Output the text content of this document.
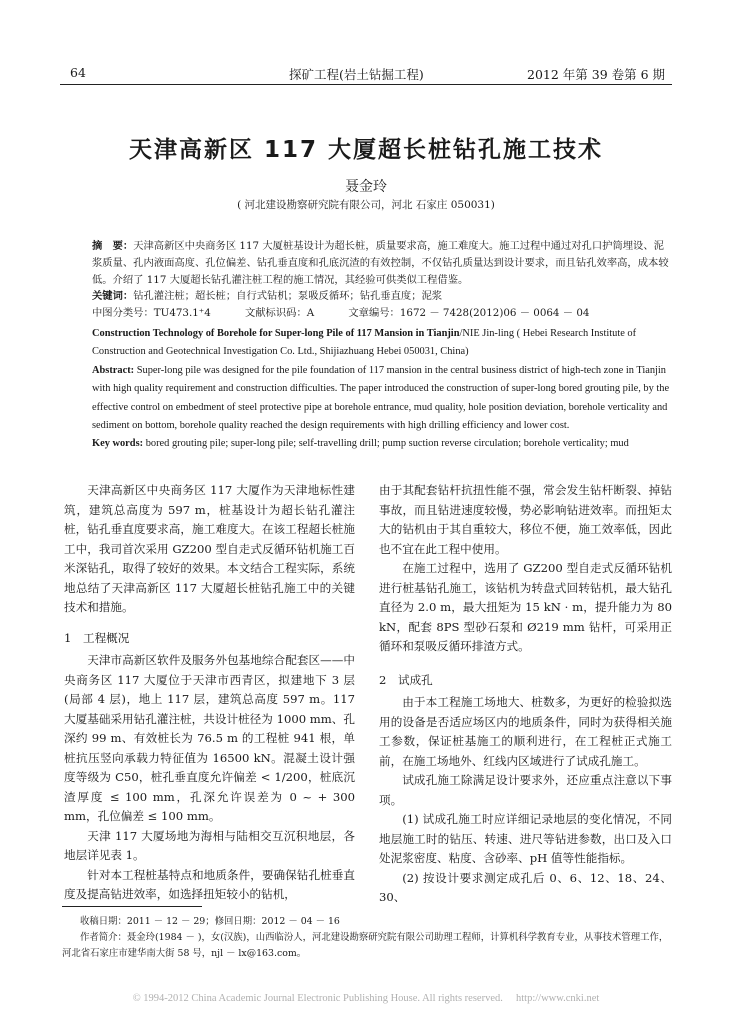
64	探矿工程(岩土钻掘工程)	2012 年第 39 卷第 6 期
天津高新区 117 大厦超长桩钻孔施工技术
聂金玲
( 河北建设勘察研究院有限公司，河北 石家庄 050031)
摘　要：天津高新区中央商务区 117 大厦桩基设计为超长桩，质量要求高，施工难度大。施工过程中通过对孔口护筒埋设、泥浆质量、孔内液面高度、孔位偏差、钻孔垂直度和孔底沉渣的有效控制，不仅钻孔质量达到设计要求，而且钻孔效率高，成本较低。介绍了 117 大厦超长钻孔灌注桩工程的施工情况，其经验可供类似工程借鉴。
关键词：钻孔灌注桩；超长桩；自行式钻机；泵吸反循环；钻孔垂直度；泥浆
中图分类号：TU473.1⁺4　　　	文献标识码：A　　　	文章编号：1672 － 7428(2012)06 － 0064 － 04
Construction Technology of Borehole for Super-long Pile of 117 Mansion in Tianjin/NIE Jin-ling ( Hebei Research Institute of Construction and Geotechnical Investigation Co. Ltd., Shijiazhuang Hebei 050031, China)
Abstract: Super-long pile was designed for the pile foundation of 117 mansion in the central business district of high-tech zone in Tianjin with high quality requirement and construction difficulties. The paper introduced the construction of super-long bored grouting pile, by the effective control on embedment of steel protective pipe at borehole entrance, mud quality, hole position deviation, borehole verticality and sediment on bottom, borehole quality reached the design requirements with high drilling efficiency and lower cost.
Key words: bored grouting pile; super-long pile; self-travelling drill; pump suction reverse circulation; borehole verticality; mud

天津高新区中央商务区 117 大厦作为天津地标性建筑，建筑总高度为 597 m，桩基设计为超长钻孔灌注桩，钻孔垂直度要求高，施工难度大。在该工程超长桩施工中，我司首次采用 GZ200 型自走式反循环钻机施工百米深钻孔，取得了较好的效果。本文结合工程实际，系统地总结了天津高新区 117 大厦超长桩钻孔施工中的关键技术和措施。

1　工程概况

天津市高新区软件及服务外包基地综合配套区——中央商务区 117 大厦位于天津市西青区，拟建地下 3 层(局部 4 层)，地上 117 层，建筑总高度 597 m。117 大厦基础采用钻孔灌注桩，共设计桩径为 1000 mm、孔深约 99 m、有效桩长为 76.5 m 的工程桩 941 根，单桩抗压竖向承载力特征值为 16500 kN。混凝土设计强度等级为 C50，桩孔垂直度允许偏差 < 1/200，桩底沉渣厚度 ≤ 100 mm，孔深允许误差为 0 ~ + 300 mm，孔位偏差 ≤ 100 mm。

天津 117 大厦场地为海相与陆相交互沉积地层，各地层详见表 1。

针对本工程桩基特点和地质条件，要确保钻孔桩垂直度及提高钻进效率，如选择扭矩较小的钻机，

由于其配套钻杆抗扭性能不强，常会发生钻杆断裂、掉钻事故，而且钻进速度较慢，势必影响钻进效率。而扭矩太大的钻机由于其自重较大，移位不便，施工效率低，因此也不宜在此工程中使用。

在施工过程中，选用了 GZ200 型自走式反循环钻机进行桩基钻孔施工，该钻机为转盘式回转钻机，最大钻孔直径为 2.0 m，最大扭矩为 15 kN · m，提升能力为 80 kN，配套 8PS 型砂石泵和 Ø219 mm 钻杆，可采用正循环和泵吸反循环排渣方式。

2　试成孔

由于本工程施工场地大、桩数多，为更好的检验拟选用的设备是否适应场区内的地质条件，同时为获得相关施工参数，保证桩基施工的顺利进行，在工程桩正式施工前，在施工场地外、红线内区域进行了试成孔施工。

试成孔施工除满足设计要求外，还应重点注意以下事项。

(1) 试成孔施工时应详细记录地层的变化情况，不同地层施工时的钻压、转速、进尺等钻进参数，出口及入口处泥浆密度、粘度、含砂率、pH 值等性能指标。

(2) 按设计要求测定成孔后 0、6、12、18、24、30、

收稿日期：2011 － 12 － 29；修回日期：2012 － 04 － 16
作者简介：聂金玲(1984 － )，女(汉族)，山西临汾人，河北建设勘察研究院有限公司助理工程师，计算机科学教育专业，从事技术管理工作，河北省石家庄市建华南大街 58 号，njl － lx@163.com。
© 1994-2012 China Academic Journal Electronic Publishing House. All rights reserved.　 http://www.cnki.net
